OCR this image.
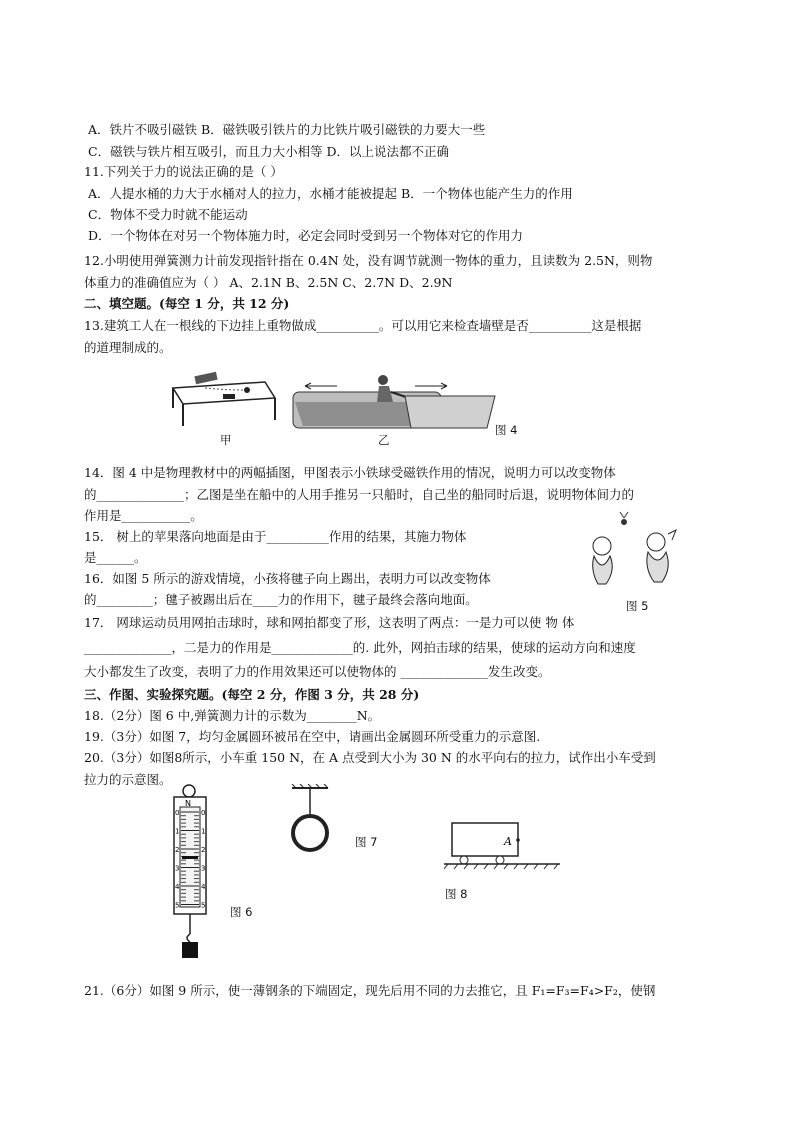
A．铁片不吸引磁铁 B．磁铁吸引铁片的力比铁片吸引磁铁的力要大一些
C．磁铁与铁片相互吸引，而且力大小相等 D．以上说法都不正确
11.下列关于力的说法正确的是（ ）
A．人提水桶的力大于水桶对人的拉力，水桶才能被提起 B．一个物体也能产生力的作用
C．物体不受力时就不能运动
D．一个物体在对另一个物体施力时，必定会同时受到另一个物体对它的作用力
12.小明使用弹簧测力计前发现指针指在 0.4N 处，没有调节就测一物体的重力，且读数为 2.5N，则物
体重力的准确值应为（ ） A、2.1N B、2.5N C、2.7N D、2.9N
二、填空题。(每空 1 分，共 12 分)
13.建筑工人在一根线的下边挂上重物做成__________。可以用它来检查墙壁是否__________这是根据
的道理制成的。
甲	乙
图 4
14．图 4 中是物理教材中的两幅插图，甲图表示小铁球受磁铁作用的情况，说明力可以改变物体
的______________；乙图是坐在船中的人用手推另一只船时，自己坐的船同时后退，说明物体间力的
作用是___________。
15． 树上的苹果落向地面是由于__________作用的结果，其施力物体
是______。
16．如图 5 所示的游戏情境，小孩将毽子向上踢出，表明力可以改变物体
的_________；毽子被踢出后在____力的作用下，毽子最终会落向地面。	图 5
17． 网球运动员用网拍击球时，球和网拍都变了形，这表明了两点：一是力可以使 物 体
______________，二是力的作用是_____________的. 此外，网拍击球的结果，使球的运动方向和速度
大小都发生了改变，表明了力的作用效果还可以使物体的 ______________发生改变。
三、作图、实验探究题。(每空 2 分，作图 3 分，共 28 分)
18.（2分）图 6 中,弹簧测力计的示数为________N。
19.（3分）如图 7，均匀金属圆环被吊在空中，请画出金属圆环所受重力的示意图.
20.（3分）如图8所示，小车重 150 N，在 A 点受到大小为 30 N 的水平向右的拉力，试作出小车受到
拉力的示意图。
N
0	0
1	1
2	2
3	3
4	4
5	5 图 6
图 7	A
图 8
21.（6分）如图 9 所示，使一薄钢条的下端固定，现先后用不同的力去推它，且 F₁=F₃=F₄>F₂，使钢
